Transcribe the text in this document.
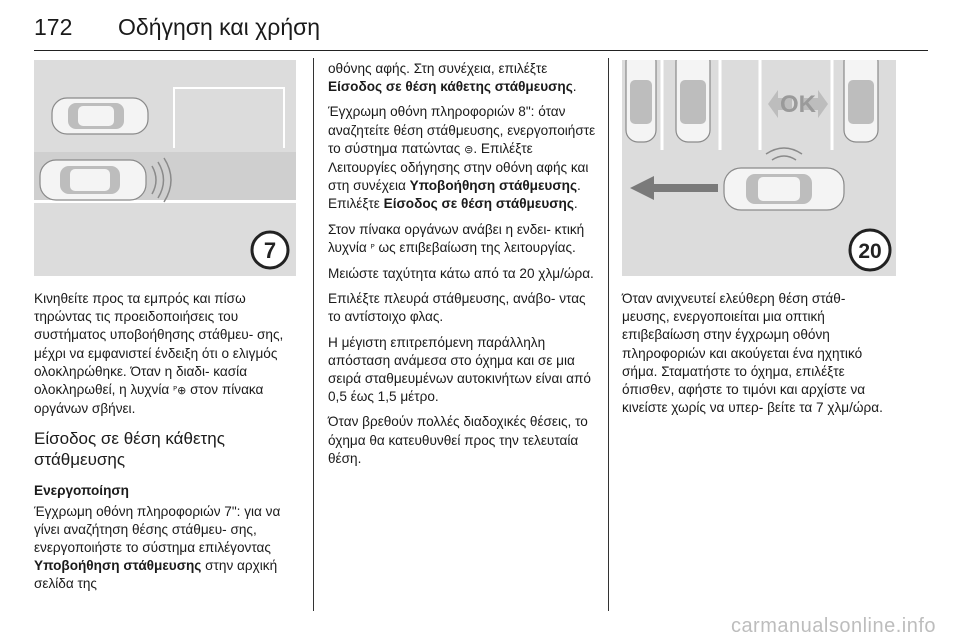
172 Οδήγηση και χρήση
7
OK
20

Κινηθείτε προς τα εμπρός και πίσω τηρώντας τις προειδοποιήσεις του συστήματος υποβοήθησης στάθμευ‑ σης, μέχρι να εμφανιστεί ένδειξη ότι ο ελιγμός ολοκληρώθηκε. Όταν η διαδι‑ κασία ολοκληρωθεί, η λυχνία ᴾ⊕ στον πίνακα οργάνων σβήνει.

Είσοδος σε θέση κάθετης στάθμευσης
Ενεργοποίηση

Έγχρωμη οθόνη πληροφοριών 7": για να γίνει αναζήτηση θέσης στάθμευ‑ σης, ενεργοποιήστε το σύστημα επιλέγοντας Υποβοήθηση στάθμευσης στην αρχική σελίδα της

οθόνης αφής. Στη συνέχεια, επιλέξτε Είσοδος σε θέση κάθετης στάθμευσης.

Έγχρωμη οθόνη πληροφοριών 8": όταν αναζητείτε θέση στάθμευσης, ενεργοποιήστε το σύστημα πατώντας ⊜. Επιλέξτε Λειτουργίες οδήγησης στην οθόνη αφής και στη συνέχεια Υποβοήθηση στάθμευσης. Επιλέξτε Είσοδος σε θέση στάθμευσης.

Στον πίνακα οργάνων ανάβει η ενδει‑ κτική λυχνία ᴾ ως επιβεβαίωση της λειτουργίας.

Μειώστε ταχύτητα κάτω από τα 20 χλμ/ώρα.

Επιλέξτε πλευρά στάθμευσης, ανάβο‑ ντας το αντίστοιχο φλας.

Η μέγιστη επιτρεπόμενη παράλληλη απόσταση ανάμεσα στο όχημα και σε μια σειρά σταθμευμένων αυτοκινήτων είναι από 0,5 έως 1,5 μέτρο.

Όταν βρεθούν πολλές διαδοχικές θέσεις, το όχημα θα κατευθυνθεί προς την τελευταία θέση.

Όταν ανιχνευτεί ελεύθερη θέση στάθ‑ μευσης, ενεργοποιείται μια οπτική επιβεβαίωση στην έγχρωμη οθόνη πληροφοριών και ακούγεται ένα ηχητικό σήμα. Σταματήστε το όχημα, επιλέξτε όπισθεν, αφήστε το τιμόνι και αρχίστε να κινείστε χωρίς να υπερ‑ βείτε τα 7 χλμ/ώρα.

carmanualsonline.info
